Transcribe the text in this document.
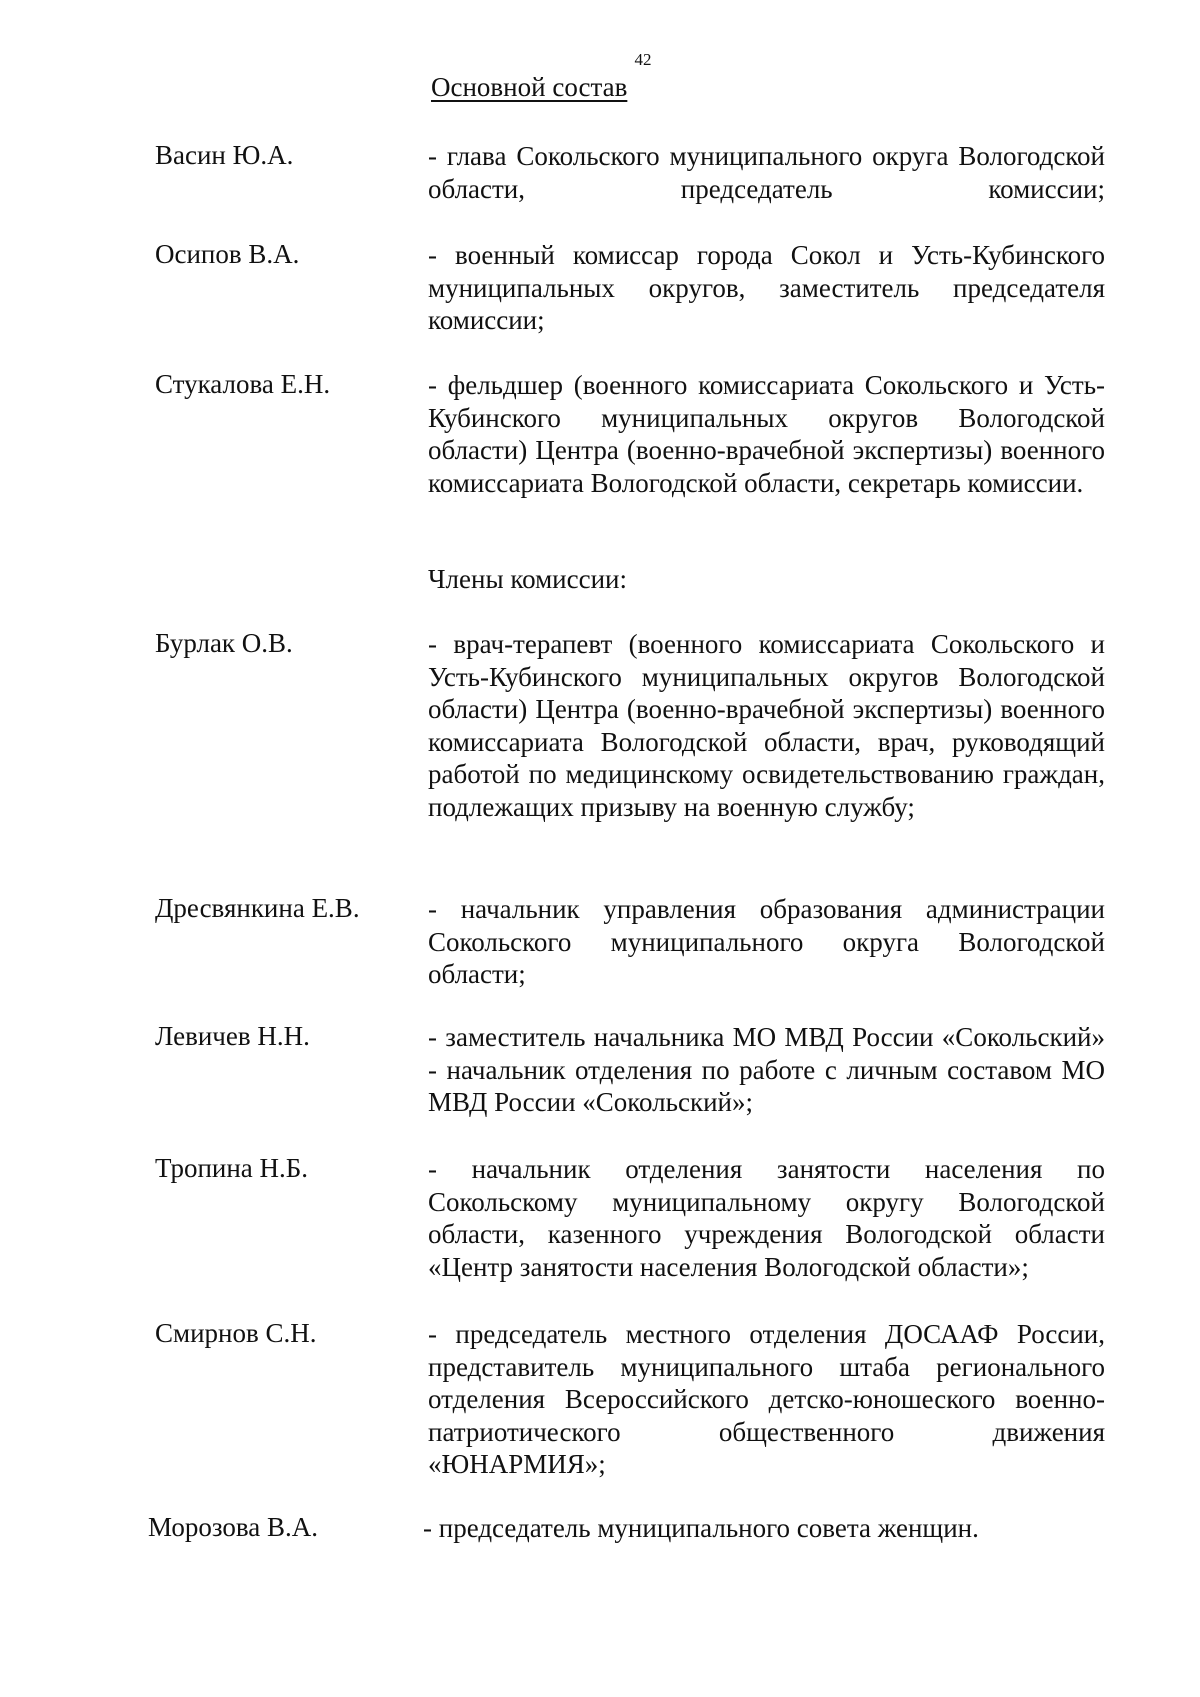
42
Основной состав
Васин Ю.А.	- глава Сокольского муниципального округа Вологодской области, председатель комиссии;
Осипов В.А.	- военный комиссар города Сокол и Усть-Кубинского муниципальных округов, заместитель председателя комиссии;
Стукалова Е.Н.	- фельдшер (военного комиссариата Сокольского и Усть-Кубинского муниципальных округов Вологодской области) Центра (военно-врачебной экспертизы) военного комиссариата Вологодской области, секретарь комиссии.
Члены комиссии:
Бурлак О.В.	- врач-терапевт (военного комиссариата Сокольского и Усть-Кубинского муниципальных округов Вологодской области) Центра (военно-врачебной экспертизы) военного комиссариата Вологодской области, врач, руководящий работой по медицинскому освидетельствованию граждан, подлежащих призыву на военную службу;
Дресвянкина Е.В.	- начальник управления образования администрации Сокольского муниципального округа Вологодской области;
Левичев Н.Н.	- заместитель начальника МО МВД России «Сокольский» - начальник отделения по работе с личным составом МО МВД России «Сокольский»;
Тропина Н.Б.	- начальник отделения занятости населения по Сокольскому муниципальному округу Вологодской области, казенного учреждения Вологодской области «Центр занятости населения Вологодской области»;
Смирнов С.Н.	- председатель местного отделения ДОСААФ России, представитель муниципального штаба регионального отделения Всероссийского детско-юношеского военно-патриотического общественного движения «ЮНАРМИЯ»;
Морозова В.А.	- председатель муниципального совета женщин.
